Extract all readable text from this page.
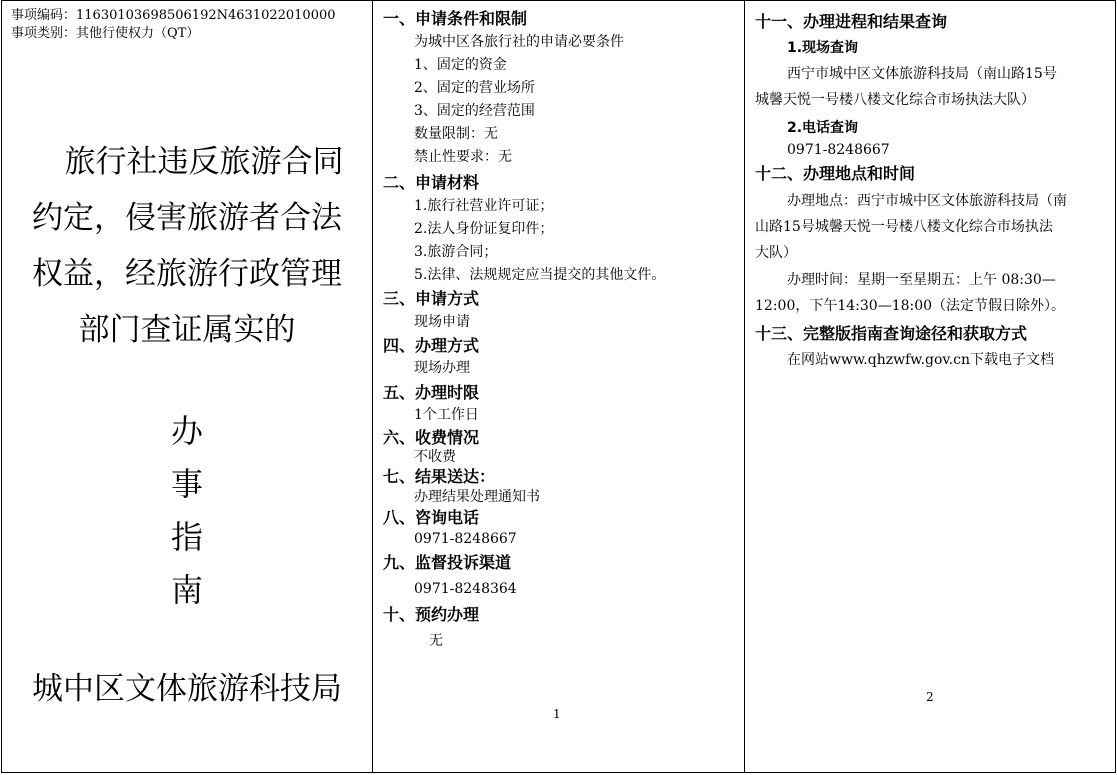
事项编码：11630103698506192N4631022010000
事项类别：其他行使权力（QT）
旅行社违反旅游合同
约定，侵害旅游者合法
权益，经旅游行政管理
部门查证属实的
办
事
指
南
城中区文体旅游科技局
一、申请条件和限制
为城中区各旅行社的申请必要条件
1、固定的资金
2、固定的营业场所
3、固定的经营范围
数量限制：无
禁止性要求：无
二、申请材料
1.旅行社营业许可证；
2.法人身份证复印件；
3.旅游合同；
5.法律、法规规定应当提交的其他文件。
三、申请方式
现场申请
四、办理方式
现场办理
五、办理时限
1个工作日
六、收费情况
不收费
七、结果送达：
办理结果处理通知书
八、咨询电话
0971-8248667
九、监督投诉渠道
0971-8248364
十、预约办理
无
1
十一、办理进程和结果查询
1.现场查询
西宁市城中区文体旅游科技局（南山路15号
城馨天悦一号楼八楼文化综合市场执法大队）
2.电话查询
0971-8248667
十二、办理地点和时间
办理地点：西宁市城中区文体旅游科技局（南
山路15号城馨天悦一号楼八楼文化综合市场执法
大队）
办理时间：星期一至星期五：上午 08:30—
12:00，下午14:30—18:00（法定节假日除外）。
十三、完整版指南查询途径和获取方式
在网站www.qhzwfw.gov.cn下载电子文档
2
